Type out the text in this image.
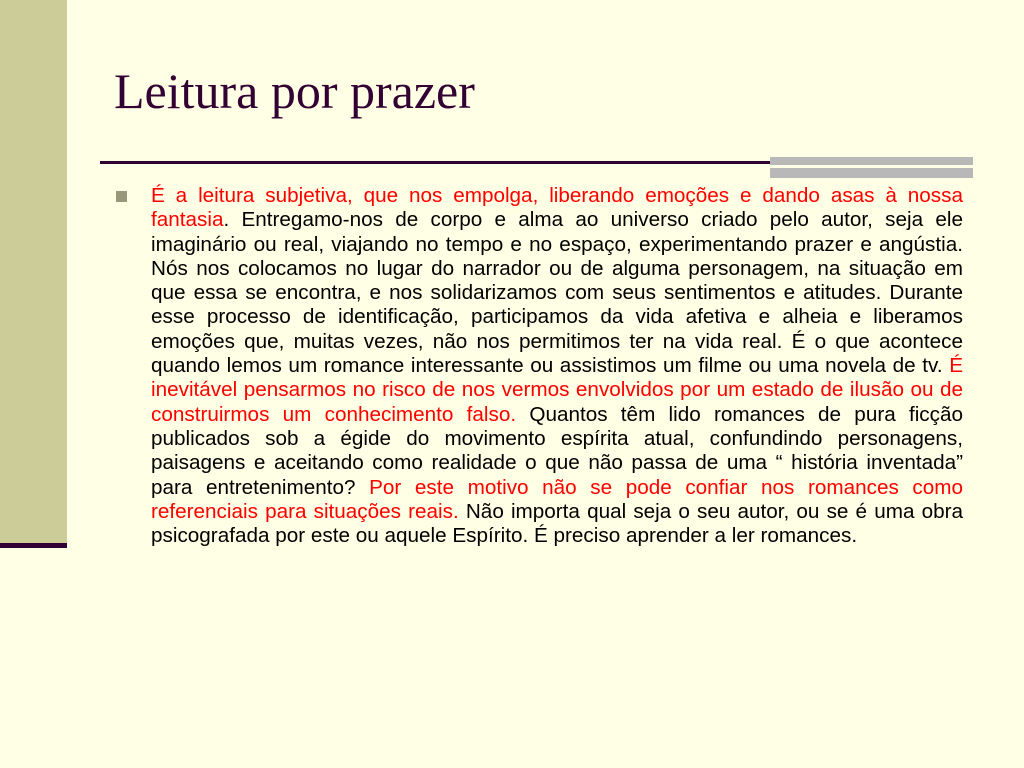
Leitura por prazer

É a leitura subjetiva, que nos empolga, liberando emoções e dando asas à nossa fantasia. Entregamo-nos de corpo e alma ao universo criado pelo autor, seja ele imaginário ou real, viajando no tempo e no espaço, experimentando prazer e angústia. Nós nos colocamos no lugar do narrador ou de alguma personagem, na situação em que essa se encontra, e nos solidarizamos com seus sentimentos e atitudes. Durante esse processo de identificação, participamos da vida afetiva e alheia e liberamos emoções que, muitas vezes, não nos permitimos ter na vida real. É o que acontece quando lemos um romance interessante ou assistimos um filme ou uma novela de tv. É inevitável pensarmos no risco de nos vermos envolvidos por um estado de ilusão ou de construirmos um conhecimento falso. Quantos têm lido romances de pura ficção publicados sob a égide do movimento espírita atual, confundindo personagens, paisagens e aceitando como realidade o que não passa de uma “ história inventada” para entretenimento? Por este motivo não se pode confiar nos romances como referenciais para situações reais. Não importa qual seja o seu autor, ou se é uma obra psicografada por este ou aquele Espírito. É preciso aprender a ler romances.
